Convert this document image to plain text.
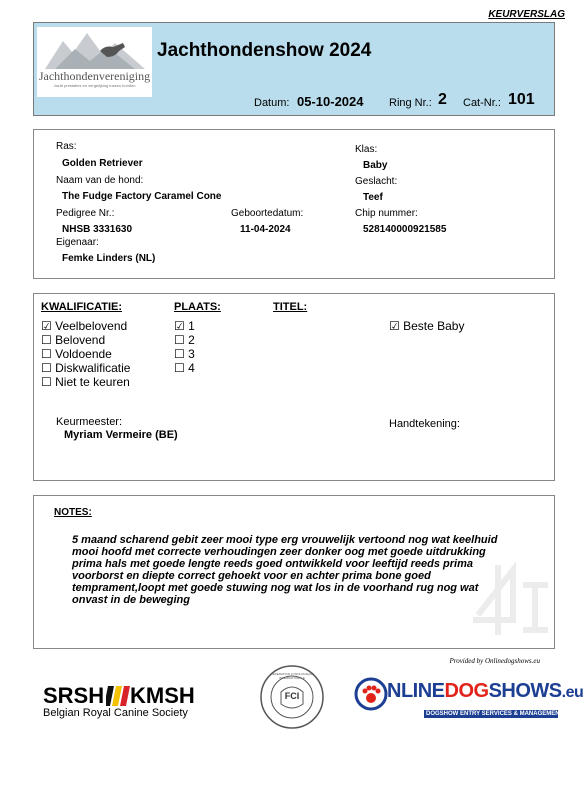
KEURVERSLAG
Jachthondenvereniging
Jacht prestaties en vergelijking tussen honden
Jachthondenshow 2024
Datum: 05-10-2024 Ring Nr.: 2 Cat-Nr.: 101
Ras:
Golden Retriever
Naam van de hond:
The Fudge Factory Caramel Cone
Pedigree Nr.:
NHSB 3331630
Geboortedatum:
11-04-2024
Eigenaar:
Femke Linders (NL)
Klas:
Baby
Geslacht:
Teef
Chip nummer:
528140000921585
KWALIFICATIE:	PLAATS:	TITEL:
☑ Veelbelovend
☐ Belovend
☐ Voldoende
☐ Diskwalificatie
☐ Niet te keuren
☑ 1
☐ 2
☐ 3
☐ 4
☑ Beste Baby
Keurmeester:
Myriam Vermeire (BE)
Handtekening:
NOTES:
5 maand scharend gebit zeer mooi type erg vrouwelijk vertoond nog wat keelhuid
mooi hoofd met correcte verhoudingen zeer donker oog met goede uitdrukking
prima hals met goede lengte reeds goed ontwikkeld voor leeftijd reeds prima
voorborst en diepte correct gehoekt voor en achter prima bone goed
temprament,loopt met goede stuwing nog wat los in de voorhand rug nog wat
onvast in de beweging
Provided by Onlinedogshows.eu
SRSH KMSH
Belgian Royal Canine Society
FEDERATION CYNOLOGIQUE INTERNATIONALE
FCI	NLINEDOGSHOWS.eu
DOGSHOW ENTRY SERVICES & MANAGEMENT
